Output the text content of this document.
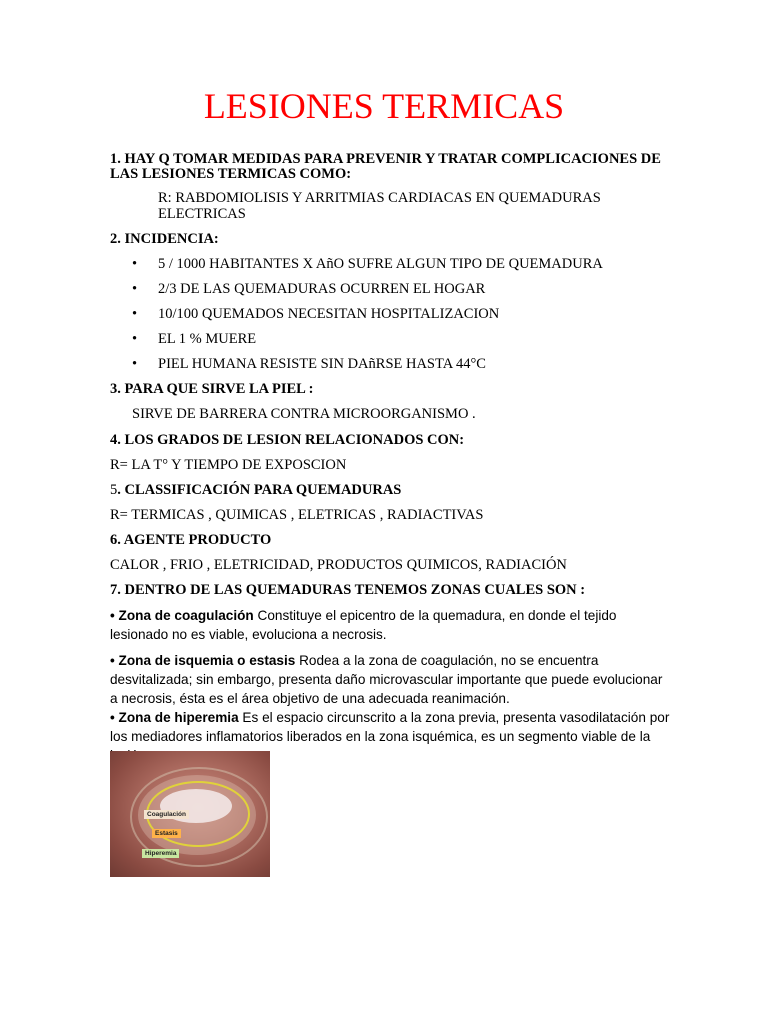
LESIONES TERMICAS
1. HAY Q TOMAR MEDIDAS PARA PREVENIR Y TRATAR COMPLICACIONES DE
LAS LESIONES TERMICAS COMO:
R: RABDOMIOLISIS Y ARRITMIAS CARDIACAS EN QUEMADURAS
ELECTRICAS
2. INCIDENCIA:
• 5 / 1000 HABITANTES X AñO SUFRE ALGUN TIPO DE QUEMADURA
• 2/3 DE LAS QUEMADURAS OCURREN EL HOGAR
• 10/100 QUEMADOS NECESITAN HOSPITALIZACION
• EL 1 % MUERE
• PIEL HUMANA RESISTE SIN DAñRSE HASTA 44°C
3. PARA QUE SIRVE LA PIEL :
SIRVE DE BARRERA CONTRA MICROORGANISMO .
4. LOS GRADOS DE LESION RELACIONADOS CON:
R= LA T° Y TIEMPO DE EXPOSCION
5. CLASSIFICACIÓN PARA QUEMADURAS
R= TERMICAS , QUIMICAS , ELETRICAS , RADIACTIVAS
6. AGENTE PRODUCTO
CALOR , FRIO , ELETRICIDAD, PRODUCTOS QUIMICOS, RADIACIÓN
7. DENTRO DE LAS QUEMADURAS TENEMOS ZONAS CUALES SON :
• Zona de coagulación Constituye el epicentro de la quemadura, en donde el tejido lesionado no es viable, evoluciona a necrosis.
• Zona de isquemia o estasis Rodea a la zona de coagulación, no se encuentra desvitalizada; sin embargo, presenta daño microvascular importante que puede evolucionar a necrosis, ésta es el área objetivo de una adecuada reanimación.
• Zona de hiperemia Es el espacio circunscrito a la zona previa, presenta vasodilatación por los mediadores inflamatorios liberados en la zona isquémica, es un segmento viable de la
Coagulación
Estasis
Hiperemia
